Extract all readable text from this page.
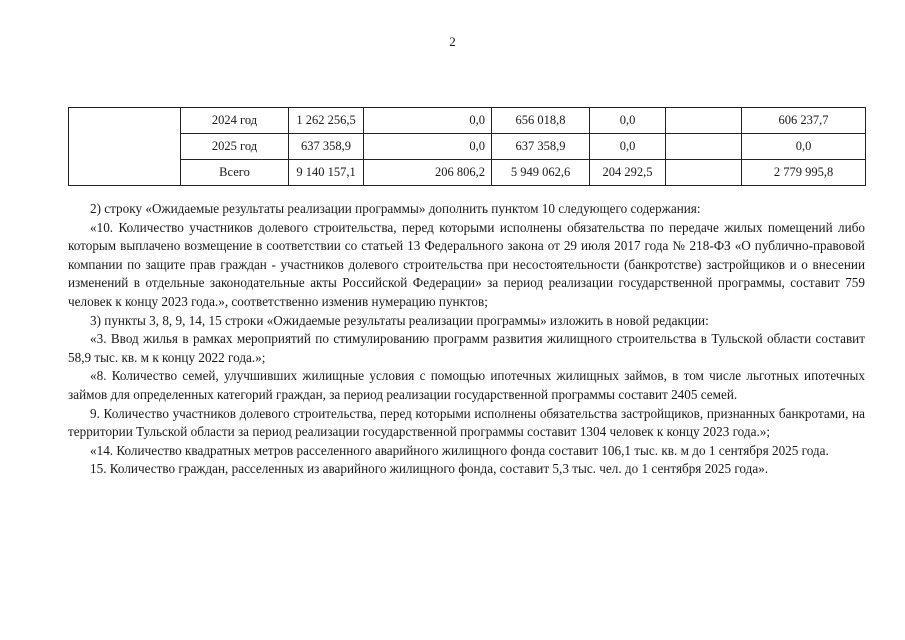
2
	2024 год	1 262 256,5	0,0	656 018,8	0,0		606 237,7
	2025 год	637 358,9	0,0	637 358,9	0,0		0,0
	Всего	9 140 157,1	206 806,2	5 949 062,6	204 292,5		2 779 995,8

2) строку «Ожидаемые результаты реализации программы» дополнить пунктом 10 следующего содержания:

«10. Количество участников долевого строительства, перед которыми исполнены обязательства по передаче жилых помещений либо которым выплачено возмещение в соответствии со статьей 13 Федерального закона от 29 июля 2017 года № 218-ФЗ «О публично-правовой компании по защите прав граждан - участников долевого строительства при несостоятельности (банкротстве) застройщиков и о внесении изменений в отдельные законодательные акты Российской Федерации» за период реализации государственной программы, составит 759 человек к концу 2023 года.», соответственно изменив нумерацию пунктов;

3) пункты 3, 8, 9, 14, 15 строки «Ожидаемые результаты реализации программы» изложить в новой редакции:

«3. Ввод жилья в рамках мероприятий по стимулированию программ развития жилищного строительства в Тульской области составит 58,9 тыс. кв. м к концу 2022 года.»;

«8. Количество семей, улучшивших жилищные условия с помощью ипотечных жилищных займов, в том числе льготных ипотечных займов для определенных категорий граждан, за период реализации государственной программы составит 2405 семей.

9. Количество участников долевого строительства, перед которыми исполнены обязательства застройщиков, признанных банкротами, на территории Тульской области за период реализации государственной программы составит 1304 человек к концу 2023 года.»;

«14. Количество квадратных метров расселенного аварийного жилищного фонда составит 106,1 тыс. кв. м до 1 сентября 2025 года.

15. Количество граждан, расселенных из аварийного жилищного фонда, составит 5,3 тыс. чел. до 1 сентября 2025 года».
